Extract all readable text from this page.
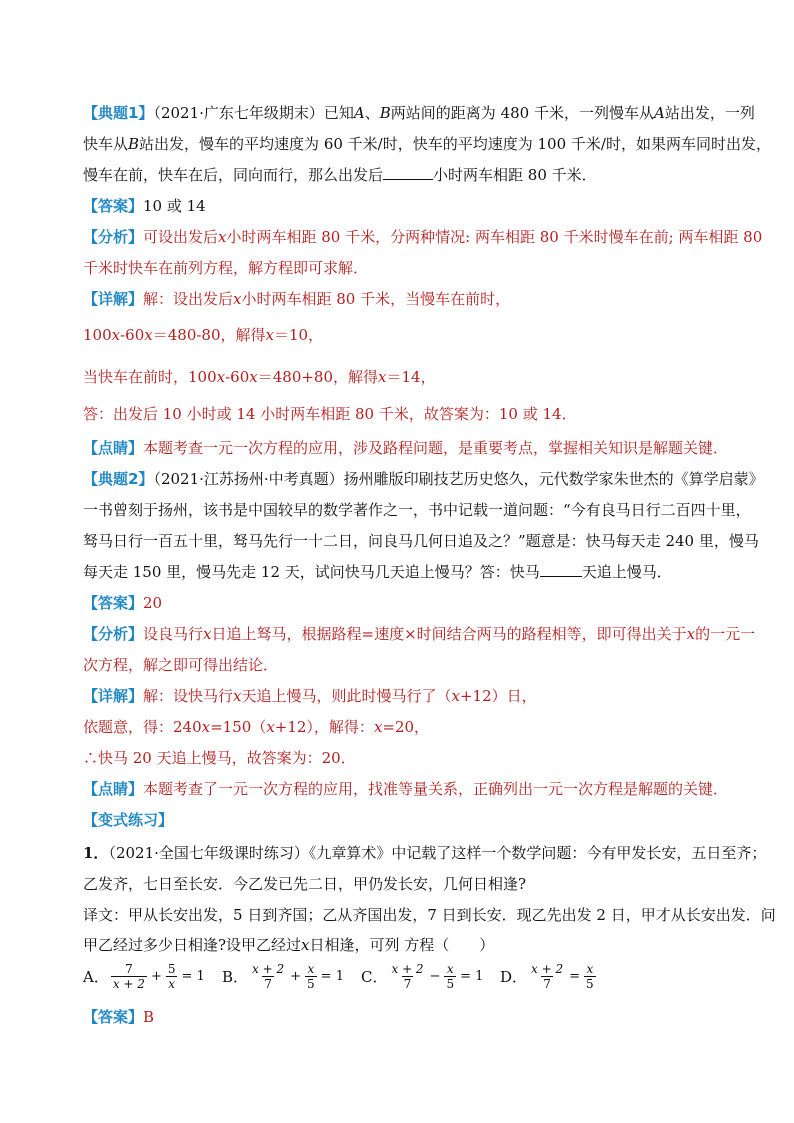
【典题1】（2021·广东七年级期末）已知A、B两站间的距离为 480 千米，一列慢车从A站出发，一列
快车从B站出发，慢车的平均速度为 60 千米/时，快车的平均速度为 100 千米/时，如果两车同时出发，
慢车在前，快车在后，同向而行，那么出发后	小时两车相距 80 千米．
【答案】10 或 14
【分析】可设出发后x小时两车相距 80 千米，分两种情况: 两车相距 80 千米时慢车在前; 两车相距 80
千米时快车在前列方程，解方程即可求解．
【详解】解：设出发后x小时两车相距 80 千米，当慢车在前时，
100x-60x＝480-80，解得x＝10，
当快车在前时，100x-60x＝480+80，解得x＝14，
答：出发后 10 小时或 14 小时两车相距 80 千米，故答案为：10 或 14．
【点睛】本题考查一元一次方程的应用，涉及路程问题，是重要考点，掌握相关知识是解题关键．
【典题2】（2021·江苏扬州·中考真题）扬州雕版印刷技艺历史悠久，元代数学家朱世杰的《算学启蒙》
一书曾刻于扬州，该书是中国较早的数学著作之一，书中记载一道问题：“今有良马日行二百四十里，
驽马日行一百五十里，驽马先行一十二日，问良马几何日追及之？”题意是：快马每天走 240 里，慢马
每天走 150 里，慢马先走 12 天，试问快马几天追上慢马？答：快马	天追上慢马．
【答案】20
【分析】设良马行x日追上驽马，根据路程=速度×时间结合两马的路程相等，即可得出关于x的一元一
次方程，解之即可得出结论．
【详解】解：设快马行x天追上慢马，则此时慢马行了（x+12）日，
依题意，得：240x=150（x+12），解得：x=20，
∴快马 20 天追上慢马，故答案为：20．
【点睛】本题考查了一元一次方程的应用，找准等量关系，正确列出一元一次方程是解题的关键．
【变式练习】
1．（2021·全国七年级课时练习）《九章算术》中记载了这样一个数学问题：今有甲发长安，五日至齐；
乙发齐，七日至长安．今乙发已先二日，甲仍发长安，几何日相逢?
译文：甲从长安出发，5 日到齐国；乙从齐国出发，7 日到长安．现乙先出发 2 日，甲才从长安出发．问
甲乙经过多少日相逢?设甲乙经过x日相逢，可列 方程（　　）
A． $\frac{7}{x + 2} + \frac{5}{x} = 1$ B． $\frac{x + 2}{7} + \frac{x}{5} = 1$ C． $\frac{x + 2}{7} - \frac{x}{5} = 1$ D． $\frac{x + 2}{7} = \frac{x}{5}$
【答案】B
